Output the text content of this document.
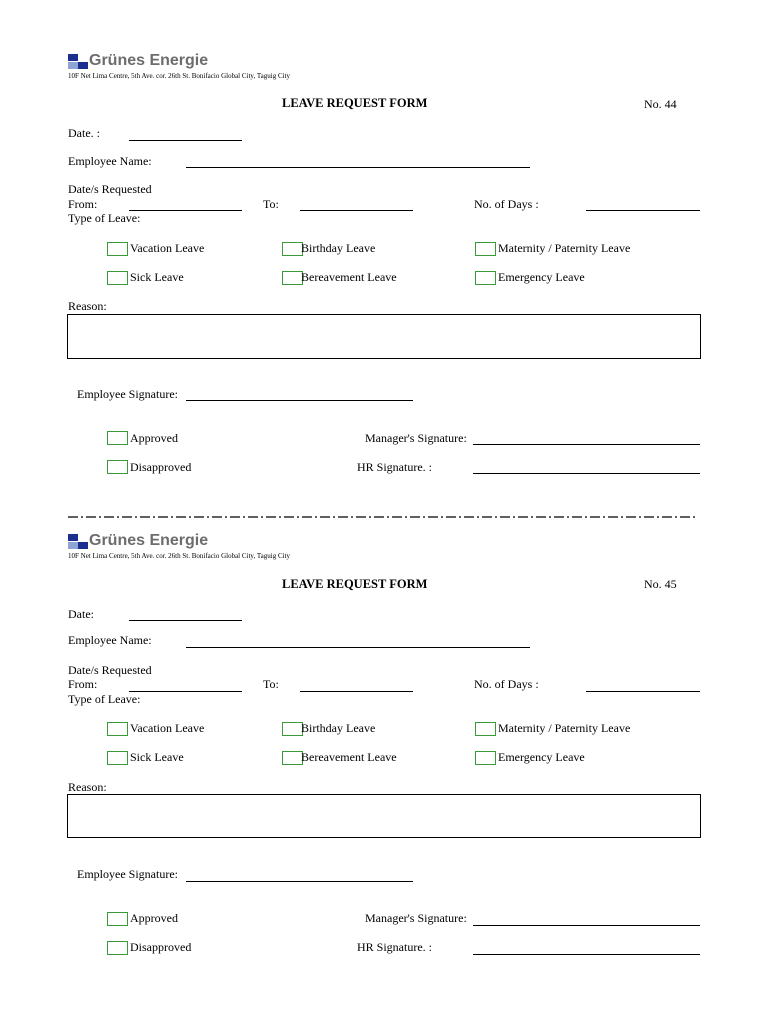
Grünes Energie
10F Net Lima Centre, 5th Ave. cor. 26th St. Bonifacio Global City, Taguig City
LEAVE REQUEST FORM	No. 44
Date. :
Employee Name:
Date/s Requested
From:	To:	No. of Days :
Type of Leave:
Vacation Leave	Birthday Leave	Maternity / Paternity Leave
Sick Leave	Bereavement Leave	Emergency Leave
Reason:
Employee Signature:
Approved	Manager's Signature:
Disapproved	HR Signature. :
Grünes Energie
10F Net Lima Centre, 5th Ave. cor. 26th St. Bonifacio Global City, Taguig City
LEAVE REQUEST FORM	No. 45
Date:
Employee Name:
Date/s Requested
From:	To:	No. of Days :
Type of Leave:
Vacation Leave	Birthday Leave	Maternity / Paternity Leave
Sick Leave	Bereavement Leave	Emergency Leave
Reason:
Employee Signature:
Approved	Manager's Signature:
Disapproved	HR Signature. :
